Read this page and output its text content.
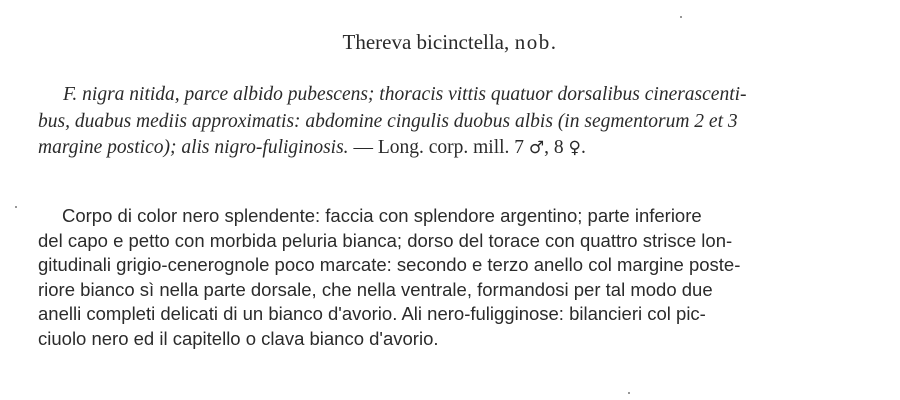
Thereva bicinctella, nob.

F. nigra nitida, parce albido pubescens; thoracis vittis quatuor dorsalibus cinerascenti-
bus, duabus mediis approximatis: abdomine cingulis duobus albis (in segmentorum 2 et 3
margine postico); alis nigro-fuliginosis. — Long. corp. mill. 7 ♂, 8 ♀.

Corpo di color nero splendente: faccia con splendore argentino; parte inferiore
del capo e petto con morbida peluria bianca; dorso del torace con quattro strisce lon-
gitudinali grigio-cenerognole poco marcate: secondo e terzo anello col margine poste-
riore bianco sì nella parte dorsale, che nella ventrale, formandosi per tal modo due
anelli completi delicati di un bianco d'avorio. Ali nero-fuligginose: bilancieri col pic-
ciuolo nero ed il capitello o clava bianco d'avorio.
